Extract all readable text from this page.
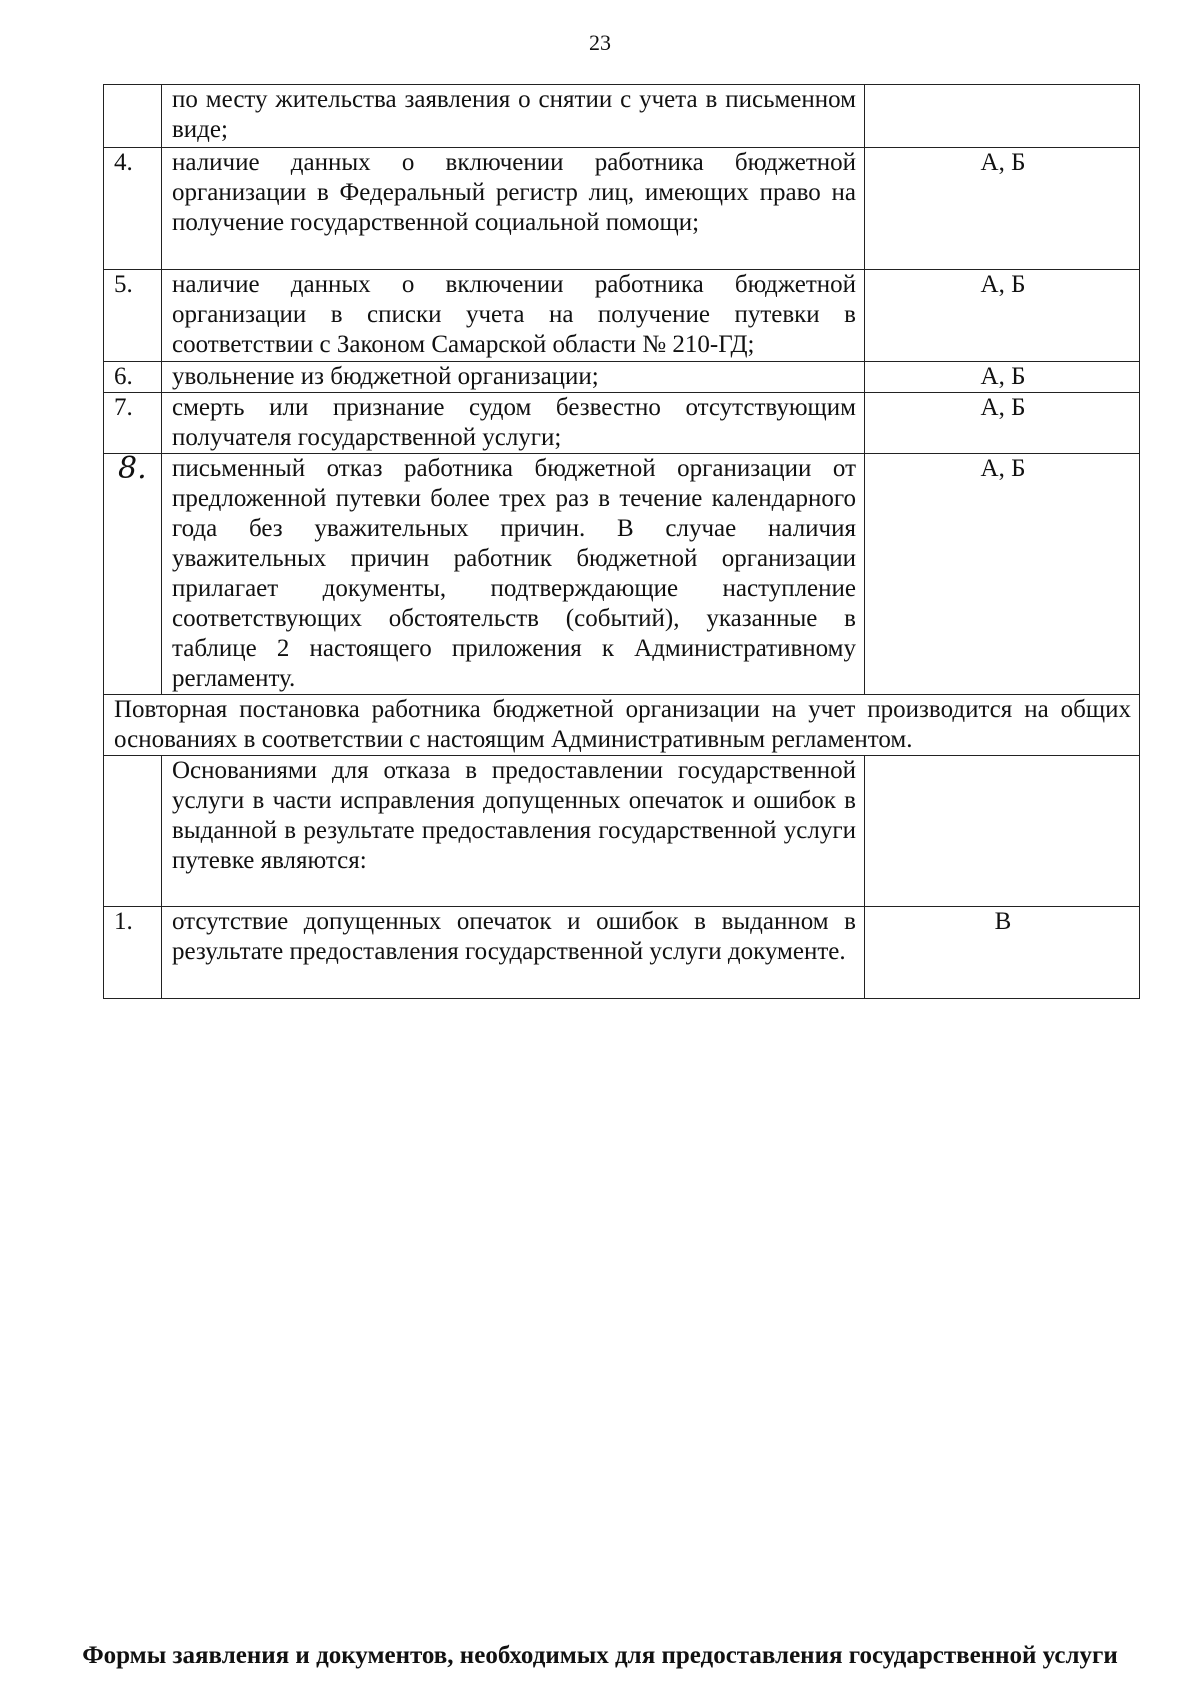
23
	по месту жительства заявления о снятии с учета в письменном виде;	
4.	наличие данных о включении работника бюджетной организации в Федеральный регистр лиц, имеющих право на получение государственной социальной помощи;	А, Б
5.	наличие данных о включении работника бюджетной организации в списки учета на получение путевки в соответствии с Законом Самарской области № 210-ГД;	А, Б
6.	увольнение из бюджетной организации;	А, Б
7.	смерть или признание судом безвестно отсутствующим получателя государственной услуги;	А, Б
8.	письменный отказ работника бюджетной организации от предложенной путевки более трех раз в течение календарного года без уважительных причин. В случае наличия уважительных причин работник бюджетной организации прилагает документы, подтверждающие наступление соответствующих обстоятельств (событий), указанные в таблице 2 настоящего приложения к Административному регламенту.	А, Б
Повторная постановка работника бюджетной организации на учет производится на общих основаниях в соответствии с настоящим Административным регламентом.		
	Основаниями для отказа в предоставлении государственной услуги в части исправления допущенных опечаток и ошибок в выданной в результате предоставления государственной услуги путевке являются:	
1.	отсутствие допущенных опечаток и ошибок в выданном в результате предоставления государственной услуги документе.	В
Формы заявления и документов, необходимых для предоставления государственной услуги
